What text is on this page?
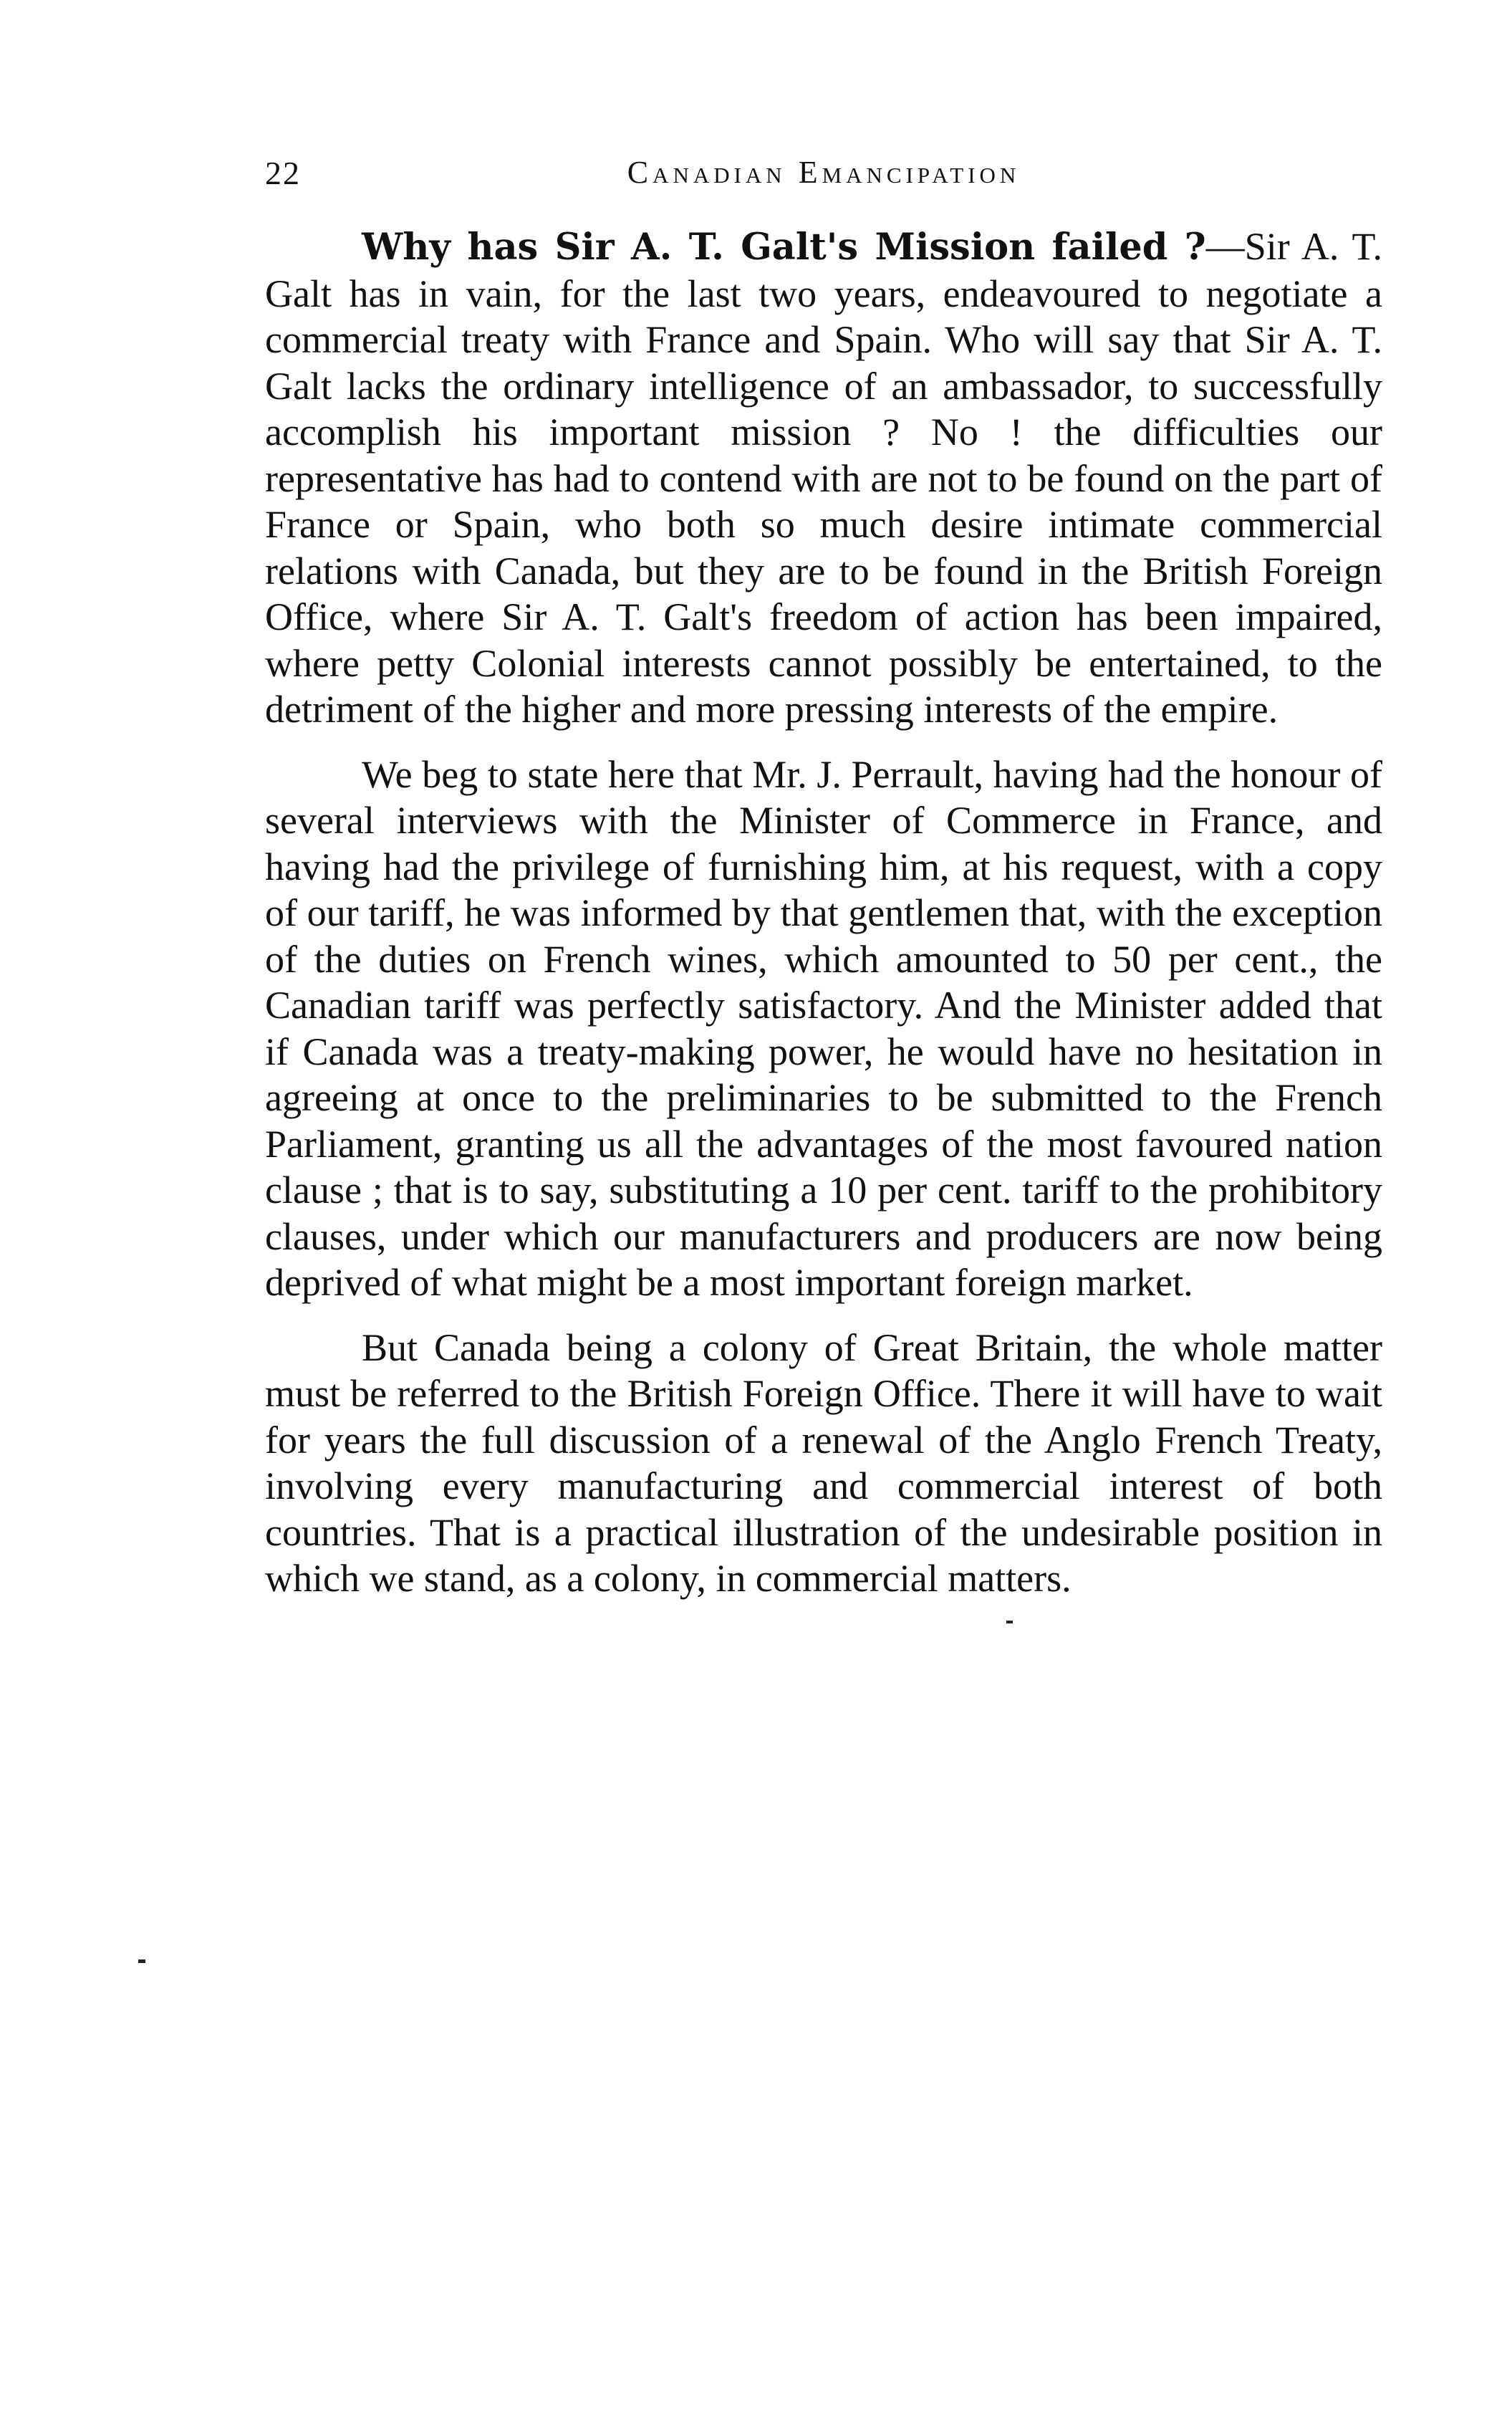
22	Canadian Emancipation

Why has Sir A. T. Galt's Mission failed ?—Sir A. T. Galt has in vain, for the last two years, endeavoured to negotiate a commercial treaty with France and Spain. Who will say that Sir A. T. Galt lacks the ordinary intelligence of an ambassador, to successfully accomplish his important mission ? No ! the difficulties our representative has had to contend with are not to be found on the part of France or Spain, who both so much desire intimate commercial relations with Canada, but they are to be found in the British Foreign Office, where Sir A. T. Galt's freedom of action has been impaired, where petty Colonial interests cannot possibly be entertained, to the detriment of the higher and more pressing interests of the empire.

We beg to state here that Mr. J. Perrault, having had the honour of several interviews with the Minister of Commerce in France, and having had the privilege of furnishing him, at his request, with a copy of our tariff, he was informed by that gentlemen that, with the exception of the duties on French wines, which amounted to 50 per cent., the Canadian tariff was perfectly satisfactory. And the Minister added that if Canada was a treaty-making power, he would have no hesitation in agreeing at once to the preliminaries to be submitted to the French Parliament, granting us all the advantages of the most favoured nation clause ; that is to say, substituting a 10 per cent. tariff to the prohibitory clauses, under which our manufacturers and producers are now being deprived of what might be a most important foreign market.

But Canada being a colony of Great Britain, the whole matter must be referred to the British Foreign Office. There it will have to wait for years the full discussion of a renewal of the Anglo French Treaty, involving every manufacturing and commercial interest of both countries. That is a practical illustration of the undesirable position in which we stand, as a colony, in commercial matters.
